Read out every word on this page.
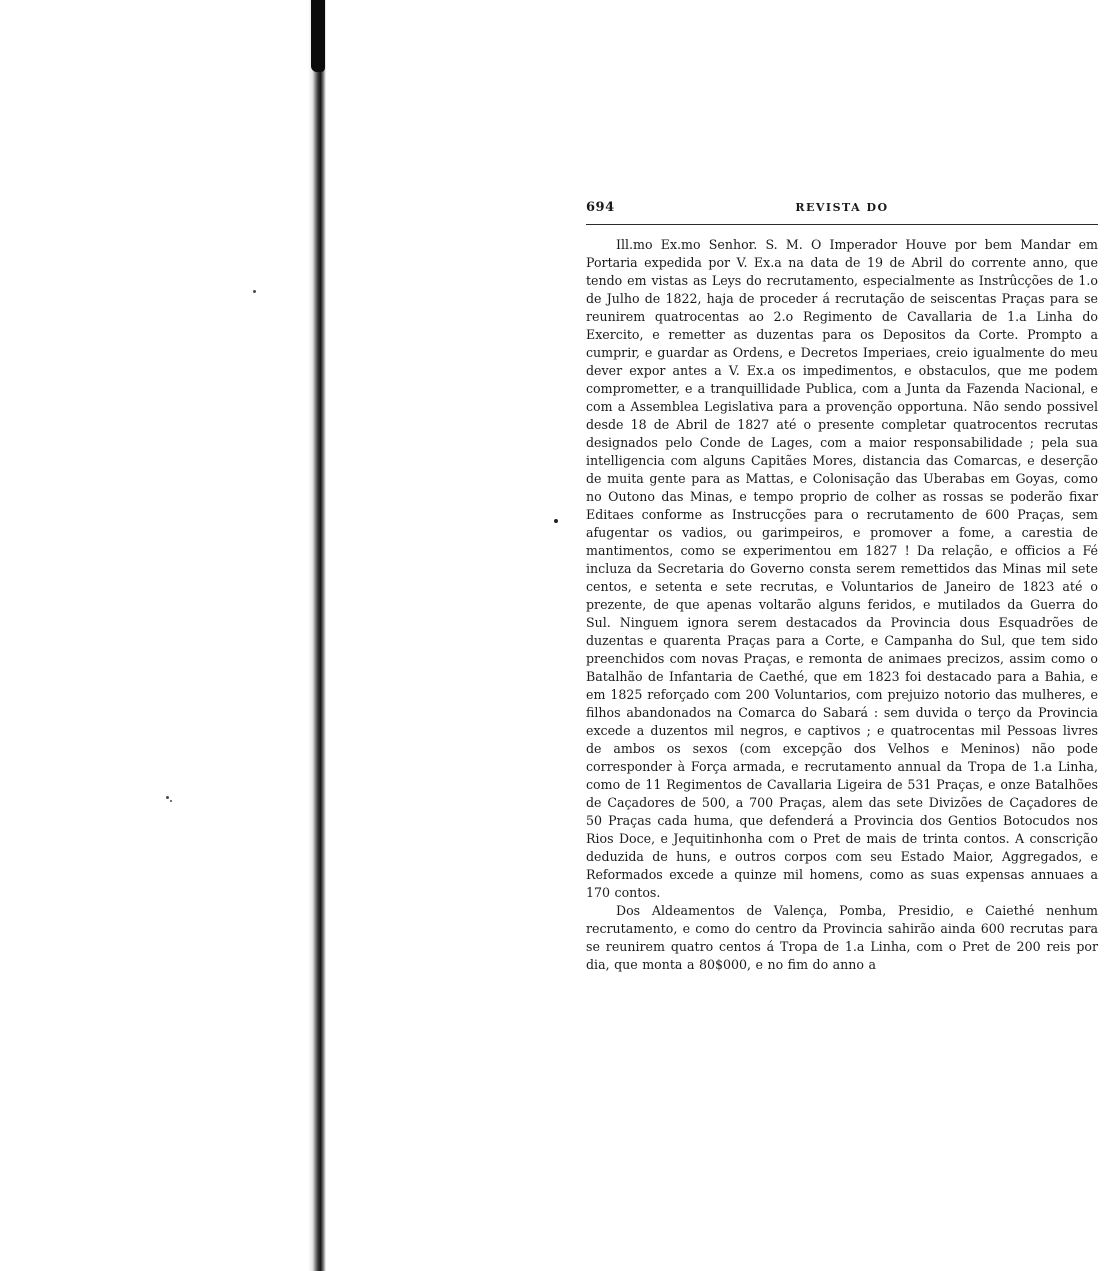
694	REVISTA DO

Ill.mo Ex.mo Senhor. S. M. O Imperador Houve por bem Mandar em Portaria expedida por V. Ex.a na data de 19 de Abril do corrente anno, que tendo em vistas as Leys do recrutamento, especialmente as Instrûcções de 1.o de Julho de 1822, haja de proceder á recrutação de seiscentas Praças para se reunirem quatrocentas ao 2.o Regimento de Cavallaria de 1.a Linha do Exercito, e remetter as duzentas para os Depositos da Corte. Prompto a cumprir, e guardar as Ordens, e Decretos Imperiaes, creio igualmente do meu dever expor antes a V. Ex.a os impedimentos, e obstaculos, que me podem comprometter, e a tranquillidade Publica, com a Junta da Fazenda Nacional, e com a Assemblea Legislativa para a provenção opportuna. Não sendo possivel desde 18 de Abril de 1827 até o presente completar quatrocentos recrutas designados pelo Conde de Lages, com a maior responsabilidade ; pela sua intelligencia com alguns Capitães Mores, distancia das Comarcas, e deserção de muita gente para as Mattas, e Colonisação das Uberabas em Goyas, como no Outono das Minas, e tempo proprio de colher as rossas se poderão fixar Editaes conforme as Instrucções para o recrutamento de 600 Praças, sem afugentar os vadios, ou garimpeiros, e promover a fome, a carestia de mantimentos, como se experimentou em 1827 ! Da relação, e officios a Fé incluza da Secretaria do Governo consta serem remettidos das Minas mil sete centos, e setenta e sete recrutas, e Voluntarios de Janeiro de 1823 até o prezente, de que apenas voltarão alguns feridos, e mutilados da Guerra do Sul. Ninguem ignora serem destacados da Provincia dous Esquadrões de duzentas e quarenta Praças para a Corte, e Campanha do Sul, que tem sido preenchidos com novas Praças, e remonta de animaes precizos, assim como o Batalhão de Infantaria de Caethé, que em 1823 foi destacado para a Bahia, e em 1825 reforçado com 200 Voluntarios, com prejuizo notorio das mulheres, e filhos abandonados na Comarca do Sabará : sem duvida o terço da Provincia excede a duzentos mil negros, e captivos ; e quatrocentas mil Pessoas livres de ambos os sexos (com excepção dos Velhos e Meninos) não pode corresponder à Força armada, e recrutamento annual da Tropa de 1.a Linha, como de 11 Regimentos de Cavallaria Ligeira de 531 Praças, e onze Batalhões de Caçadores de 500, a 700 Praças, alem das sete Divizões de Caçadores de 50 Praças cada huma, que defenderá a Provincia dos Gentios Botocudos nos Rios Doce, e Jequitinhonha com o Pret de mais de trinta contos. A conscrição deduzida de huns, e outros corpos com seu Estado Maior, Aggregados, e Reformados excede a quinze mil homens, como as suas expensas annuaes a 170 contos.

Dos Aldeamentos de Valença, Pomba, Presidio, e Caiethé nenhum recrutamento, e como do centro da Provincia sahirão ainda 600 recrutas para se reunirem quatro centos á Tropa de 1.a Linha, com o Pret de 200 reis por dia, que monta a 80$000, e no fim do anno a
